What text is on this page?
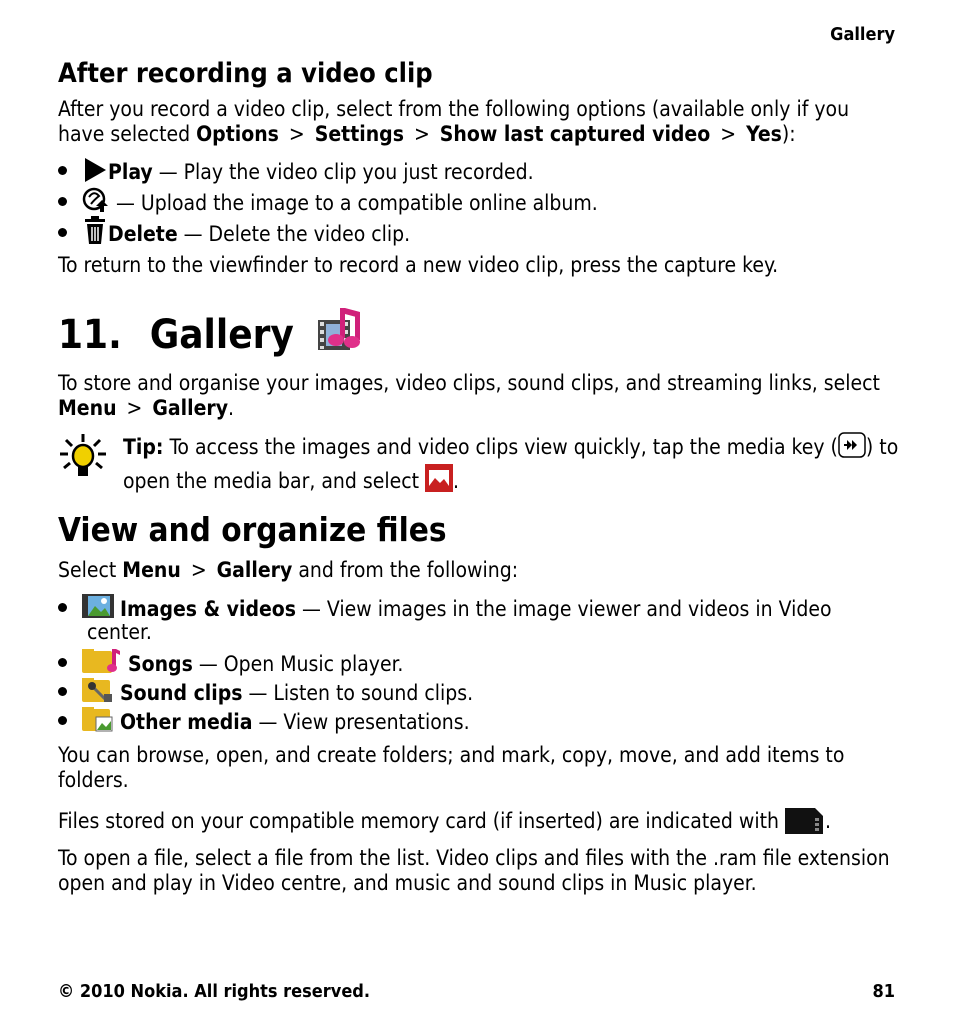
Gallery
After recording a video clip
After you record a video clip, select from the following options (available only if you have selected Options > Settings > Show last captured video > Yes):
Play — Play the video clip you just recorded.
— Upload the image to a compatible online album.
Delete — Delete the video clip.
To return to the viewfinder to record a new video clip, press the capture key.
11. Gallery
To store and organise your images, video clips, sound clips, and streaming links, select Menu > Gallery.
Tip: To access the images and video clips view quickly, tap the media key ( ) to open the media bar, and select .
View and organize files
Select Menu > Gallery and from the following:
Images & videos — View images in the image viewer and videos in Video
center.
Songs — Open Music player.
Sound clips — Listen to sound clips.
Other media — View presentations.
You can browse, open, and create folders; and mark, copy, move, and add items to folders.
Files stored on your compatible memory card (if inserted) are indicated with .
To open a file, select a file from the list. Video clips and files with the .ram file extension open and play in Video centre, and music and sound clips in Music player.
© 2010 Nokia. All rights reserved.	81
